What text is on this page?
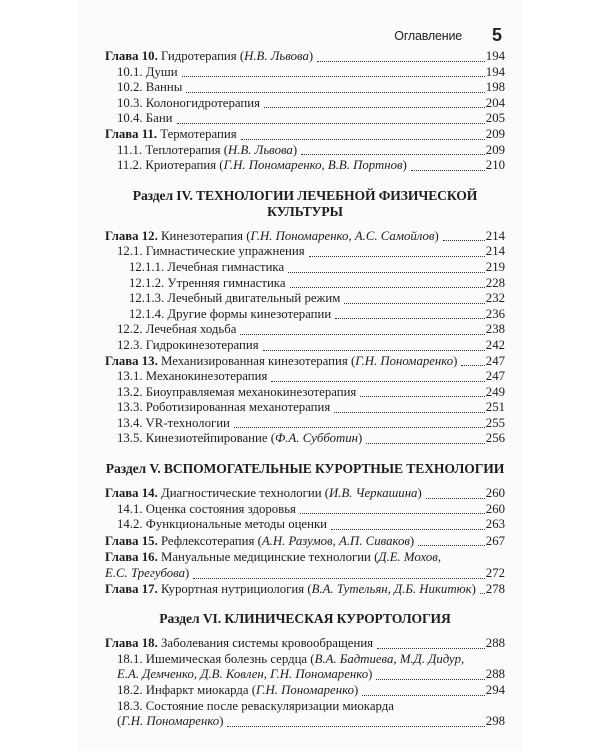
Оглавление 5
Глава 10. Гидротерапия (Н.В. Львова)	194
10.1. Души	194
10.2. Ванны	198
10.3. Колоногидротерапия	204
10.4. Бани	205
Глава 11. Термотерапия	209
11.1. Теплотерапия (Н.В. Львова)	209
11.2. Криотерапия (Г.Н. Пономаренко, В.В. Портнов)	210
Раздел IV. ТЕХНОЛОГИИ ЛЕЧЕБНОЙ ФИЗИЧЕСКОЙ КУЛЬТУРЫ
Глава 12. Кинезотерапия (Г.Н. Пономаренко, А.С. Самойлов)	214
12.1. Гимнастические упражнения	214
12.1.1. Лечебная гимнастика	219
12.1.2. Утренняя гимнастика	228
12.1.3. Лечебный двигательный режим	232
12.1.4. Другие формы кинезотерапии	236
12.2. Лечебная ходьба	238
12.3. Гидрокинезотерапия	242
Глава 13. Механизированная кинезотерапия (Г.Н. Пономаренко) 247
13.1. Механокинезотерапия	247
13.2. Биоуправляемая механокинезотерапия	249
13.3. Роботизированная механотерапия	251
13.4. VR-технологии	255
13.5. Кинезиотейпирование (Ф.А. Субботин)	256
Раздел V. ВСПОМОГАТЕЛЬНЫЕ КУРОРТНЫЕ ТЕХНОЛОГИИ
Глава 14. Диагностические технологии (И.В. Черкашина)	260
14.1. Оценка состояния здоровья	260
14.2. Функциональные методы оценки	263
Глава 15. Рефлексотерапия (А.Н. Разумов, А.П. Сиваков)	267
Глава 16. Мануальные медицинские технологии (Д.Е. Мохов,
Е.С. Трегубова)	272
Глава 17. Курортная нутрициология (В.А. Тутельян, Д.Б. Никитюк) 278
Раздел VI. КЛИНИЧЕСКАЯ КУРОРТОЛОГИЯ
Глава 18. Заболевания системы кровообращения	288
18.1. Ишемическая болезнь сердца (В.А. Бадтиева, М.Д. Дидур,
Е.А. Демченко, Д.В. Ковлен, Г.Н. Пономаренко)	288
18.2. Инфаркт миокарда (Г.Н. Пономаренко)	294
18.3. Состояние после реваскуляризации миокарда
(Г.Н. Пономаренко)	298
